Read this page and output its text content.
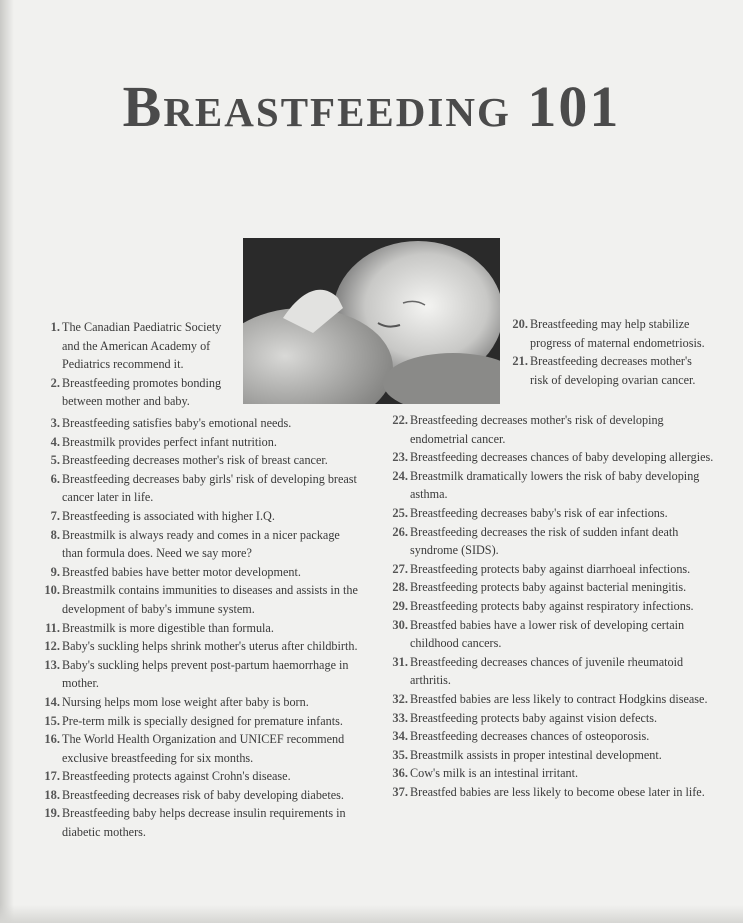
Breastfeeding 101
1. The Canadian Paediatric Society and the American Academy of Pediatrics recommend it.
2. Breastfeeding promotes bonding between mother and baby.
3. Breastfeeding satisfies baby's emotional needs.
4. Breastmilk provides perfect infant nutrition.
5. Breastfeeding decreases mother's risk of breast cancer.
6. Breastfeeding decreases baby girls' risk of developing breast cancer later in life.
7. Breastfeeding is associated with higher I.Q.
8. Breastmilk is always ready and comes in a nicer package than formula does. Need we say more?
9. Breastfed babies have better motor development.
10. Breastmilk contains immunities to diseases and assists in the development of baby's immune system.
11. Breastmilk is more digestible than formula.
12. Baby's suckling helps shrink mother's uterus after childbirth.
13. Baby's suckling helps prevent post-partum haemorrhage in mother.
14. Nursing helps mom lose weight after baby is born.
15. Pre-term milk is specially designed for premature infants.
16. The World Health Organization and UNICEF recommend exclusive breastfeeding for six months.
17. Breastfeeding protects against Crohn's disease.
18. Breastfeeding decreases risk of baby developing diabetes.
19. Breastfeeding baby helps decrease insulin requirements in diabetic mothers.
20. Breastfeeding may help stabilize progress of maternal endometriosis.
21. Breastfeeding decreases mother's risk of developing ovarian cancer.
22. Breastfeeding decreases mother's risk of developing endometrial cancer.
23. Breastfeeding decreases chances of baby developing allergies.
24. Breastmilk dramatically lowers the risk of baby developing asthma.
25. Breastfeeding decreases baby's risk of ear infections.
26. Breastfeeding decreases the risk of sudden infant death syndrome (SIDS).
27. Breastfeeding protects baby against diarrhoeal infections.
28. Breastfeeding protects baby against bacterial meningitis.
29. Breastfeeding protects baby against respiratory infections.
30. Breastfed babies have a lower risk of developing certain childhood cancers.
31. Breastfeeding decreases chances of juvenile rheumatoid arthritis.
32. Breastfed babies are less likely to contract Hodgkins disease.
33. Breastfeeding protects baby against vision defects.
34. Breastfeeding decreases chances of osteoporosis.
35. Breastmilk assists in proper intestinal development.
36. Cow's milk is an intestinal irritant.
37. Breastfed babies are less likely to become obese later in life.
